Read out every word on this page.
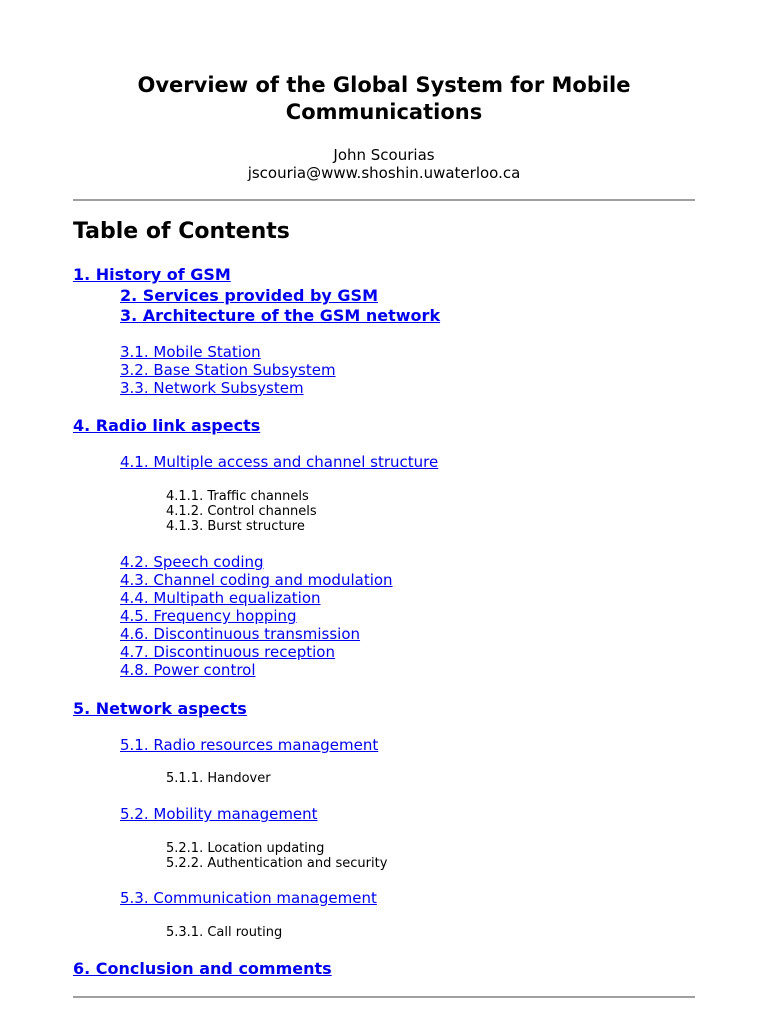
Overview of the Global System for Mobile
Communications
John Scourias
jscouria@www.shoshin.uwaterloo.ca
Table of Contents
1. History of GSM
2. Services provided by GSM
3. Architecture of the GSM network
3.1. Mobile Station
3.2. Base Station Subsystem
3.3. Network Subsystem
4. Radio link aspects
4.1. Multiple access and channel structure
4.1.1. Traffic channels
4.1.2. Control channels
4.1.3. Burst structure
4.2. Speech coding
4.3. Channel coding and modulation
4.4. Multipath equalization
4.5. Frequency hopping
4.6. Discontinuous transmission
4.7. Discontinuous reception
4.8. Power control
5. Network aspects
5.1. Radio resources management
5.1.1. Handover
5.2. Mobility management
5.2.1. Location updating
5.2.2. Authentication and security
5.3. Communication management
5.3.1. Call routing
6. Conclusion and comments
